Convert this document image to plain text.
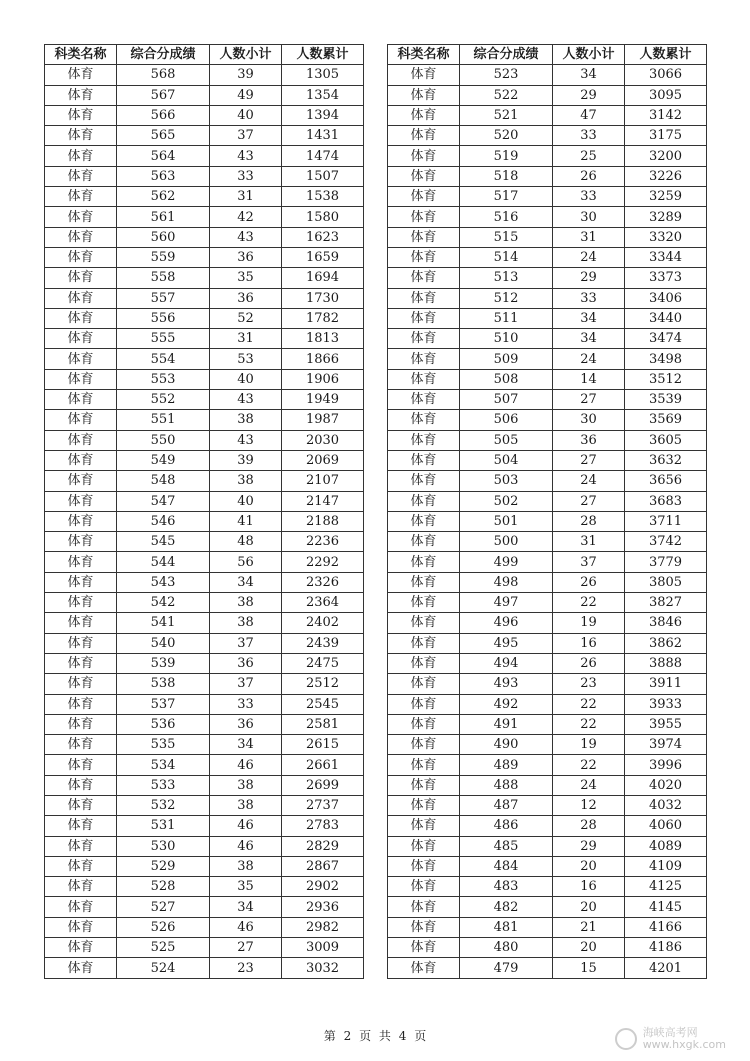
科类名称	综合分成绩	人数小计	人数累计
体育	568	39	1305
体育	567	49	1354
体育	566	40	1394
体育	565	37	1431
体育	564	43	1474
体育	563	33	1507
体育	562	31	1538
体育	561	42	1580
体育	560	43	1623
体育	559	36	1659
体育	558	35	1694
体育	557	36	1730
体育	556	52	1782
体育	555	31	1813
体育	554	53	1866
体育	553	40	1906
体育	552	43	1949
体育	551	38	1987
体育	550	43	2030
体育	549	39	2069
体育	548	38	2107
体育	547	40	2147
体育	546	41	2188
体育	545	48	2236
体育	544	56	2292
体育	543	34	2326
体育	542	38	2364
体育	541	38	2402
体育	540	37	2439
体育	539	36	2475
体育	538	37	2512
体育	537	33	2545
体育	536	36	2581
体育	535	34	2615
体育	534	46	2661
体育	533	38	2699
体育	532	38	2737
体育	531	46	2783
体育	530	46	2829
体育	529	38	2867
体育	528	35	2902
体育	527	34	2936
体育	526	46	2982
体育	525	27	3009
体育	524	23	3032
科类名称	综合分成绩	人数小计	人数累计
体育	523	34	3066
体育	522	29	3095
体育	521	47	3142
体育	520	33	3175
体育	519	25	3200
体育	518	26	3226
体育	517	33	3259
体育	516	30	3289
体育	515	31	3320
体育	514	24	3344
体育	513	29	3373
体育	512	33	3406
体育	511	34	3440
体育	510	34	3474
体育	509	24	3498
体育	508	14	3512
体育	507	27	3539
体育	506	30	3569
体育	505	36	3605
体育	504	27	3632
体育	503	24	3656
体育	502	27	3683
体育	501	28	3711
体育	500	31	3742
体育	499	37	3779
体育	498	26	3805
体育	497	22	3827
体育	496	19	3846
体育	495	16	3862
体育	494	26	3888
体育	493	23	3911
体育	492	22	3933
体育	491	22	3955
体育	490	19	3974
体育	489	22	3996
体育	488	24	4020
体育	487	12	4032
体育	486	28	4060
体育	485	29	4089
体育	484	20	4109
体育	483	16	4125
体育	482	20	4145
体育	481	21	4166
体育	480	20	4186
体育	479	15	4201
第 2 页 共 4 页	海峡高考网
www.hxgk.com
